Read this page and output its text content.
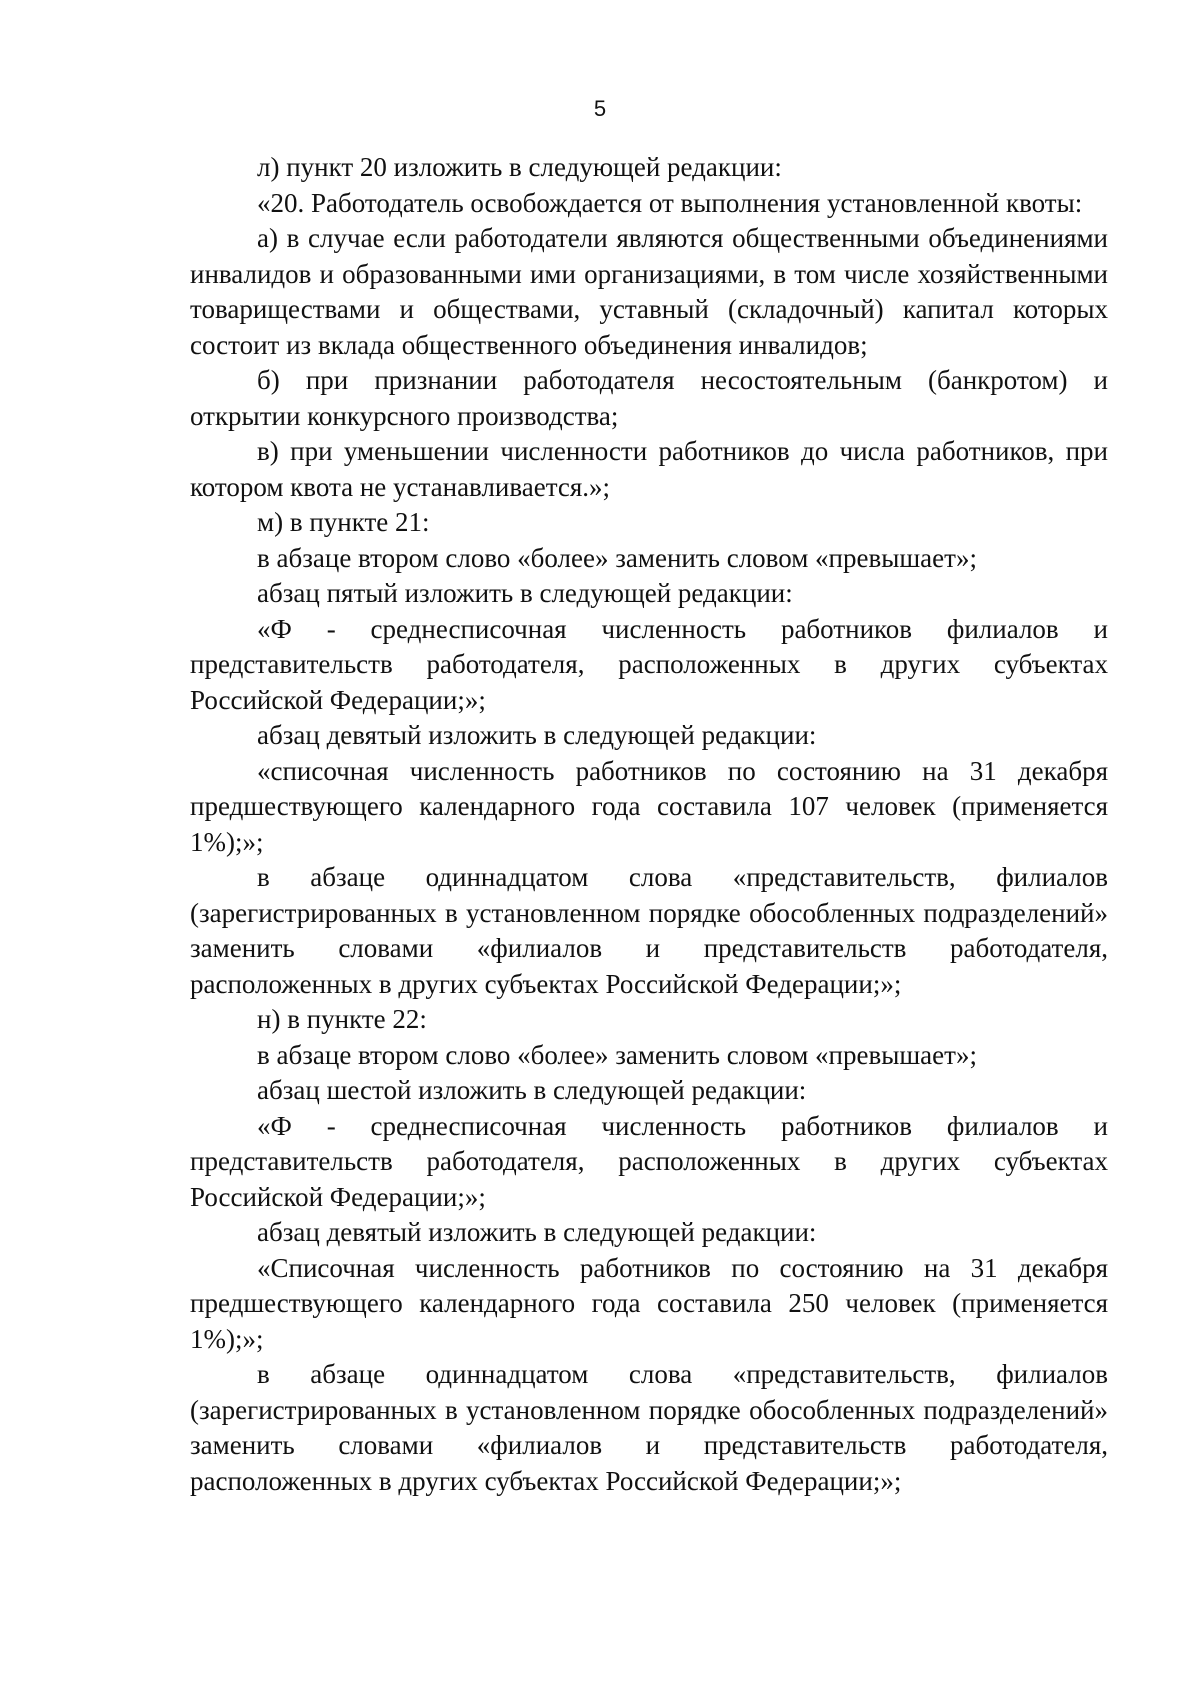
5

л) пункт 20 изложить в следующей редакции:

«20. Работодатель освобождается от выполнения установленной квоты:

а) в случае если работодатели являются общественными объединениями инвалидов и образованными ими организациями, в том числе хозяйственными товариществами и обществами, уставный (складочный) капитал которых состоит из вклада общественного объединения инвалидов;

б) при признании работодателя несостоятельным (банкротом) и открытии конкурсного производства;

в) при уменьшении численности работников до числа работников, при котором квота не устанавливается.»;

м) в пункте 21:

в абзаце втором слово «более» заменить словом «превышает»;

абзац пятый изложить в следующей редакции:

«Ф - среднесписочная численность работников филиалов и представительств работодателя, расположенных в других субъектах Российской Федерации;»;

абзац девятый изложить в следующей редакции:

«списочная численность работников по состоянию на 31 декабря предшествующего календарного года составила 107 человек (применяется 1%);»;

в абзаце одиннадцатом слова «представительств, филиалов (зарегистрированных в установленном порядке обособленных подразделений» заменить словами «филиалов и представительств работодателя, расположенных в других субъектах Российской Федерации;»;

н) в пункте 22:

в абзаце втором слово «более» заменить словом «превышает»;

абзац шестой изложить в следующей редакции:

«Ф - среднесписочная численность работников филиалов и представительств работодателя, расположенных в других субъектах Российской Федерации;»;

абзац девятый изложить в следующей редакции:

«Списочная численность работников по состоянию на 31 декабря предшествующего календарного года составила 250 человек (применяется 1%);»;

в абзаце одиннадцатом слова «представительств, филиалов (зарегистрированных в установленном порядке обособленных подразделений» заменить словами «филиалов и представительств работодателя, расположенных в других субъектах Российской Федерации;»;
